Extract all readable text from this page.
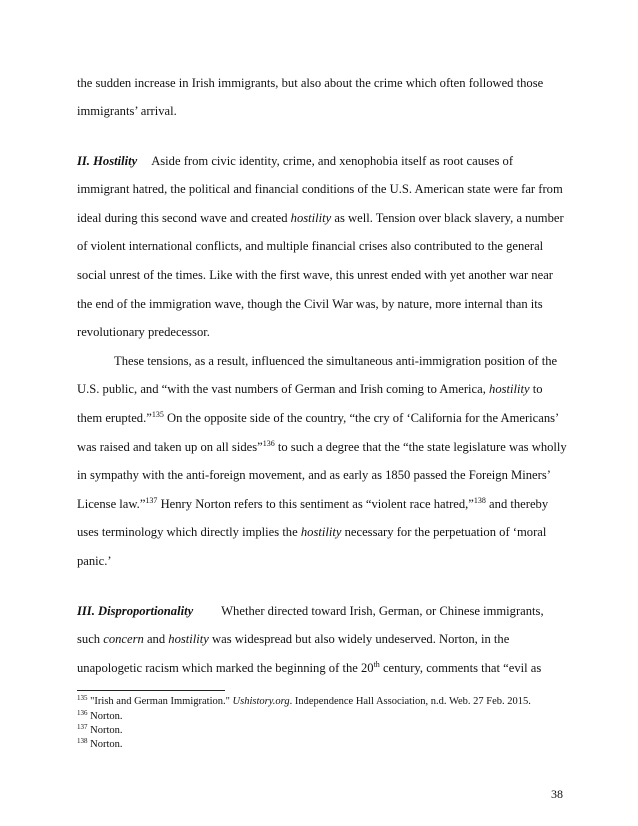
the sudden increase in Irish immigrants, but also about the crime which often followed those
immigrants’ arrival.
II. Hostility Aside from civic identity, crime, and xenophobia itself as root causes of
immigrant hatred, the political and financial conditions of the U.S. American state were far from
ideal during this second wave and created hostility as well. Tension over black slavery, a number
of violent international conflicts, and multiple financial crises also contributed to the general
social unrest of the times. Like with the first wave, this unrest ended with yet another war near
the end of the immigration wave, though the Civil War was, by nature, more internal than its
revolutionary predecessor.
These tensions, as a result, influenced the simultaneous anti-immigration position of the
U.S. public, and “with the vast numbers of German and Irish coming to America, hostility to
them erupted.”$^{135}$ On the opposite side of the country, “the cry of ‘California for the Americans’
was raised and taken up on all sides”$^{136}$ to such a degree that the “the state legislature was wholly
in sympathy with the anti-foreign movement, and as early as 1850 passed the Foreign Miners’
License law.”$^{137}$ Henry Norton refers to this sentiment as “violent race hatred,”$^{138}$ and thereby
uses terminology which directly implies the hostility necessary for the perpetuation of ‘moral
panic.’
III. Disproportionality Whether directed toward Irish, German, or Chinese immigrants,
such concern and hostility was widespread but also widely undeserved. Norton, in the
unapologetic racism which marked the beginning of the 20th century, comments that “evil as
$^{135}$ "Irish and German Immigration." Ushistory.org. Independence Hall Association, n.d. Web. 27 Feb. 2015.
$^{136}$ Norton.
$^{137}$ Norton.
$^{138}$ Norton.
38
